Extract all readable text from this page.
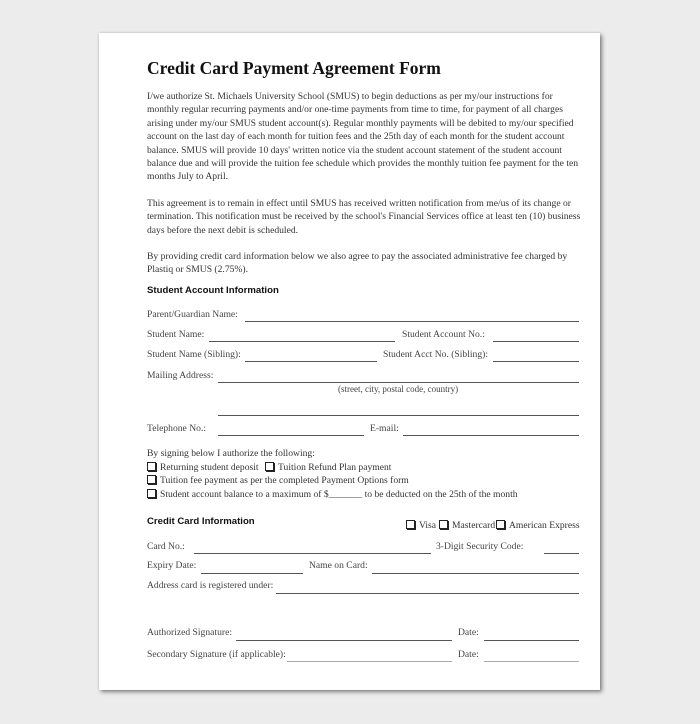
Credit Card Payment Agreement Form
I/we authorize St. Michaels University School (SMUS) to begin deductions as per my/our instructions for monthly regular recurring payments and/or one-time payments from time to time, for payment of all charges arising under my/our SMUS student account(s). Regular monthly payments will be debited to my/our specified account on the last day of each month for tuition fees and the 25th day of each month for the student account balance. SMUS will provide 10 days' written notice via the student account statement of the student account balance due and will provide the tuition fee schedule which provides the monthly tuition fee payment for the ten months July to April.
This agreement is to remain in effect until SMUS has received written notification from me/us of its change or termination. This notification must be received by the school's Financial Services office at least ten (10) business days before the next debit is scheduled.
By providing credit card information below we also agree to pay the associated administrative fee charged by Plastiq or SMUS (2.75%).
Student Account Information
Parent/Guardian Name:
Student Name:	Student Account No.:
Student Name (Sibling):	Student Acct No. (Sibling):
Mailing Address:
(street, city, postal code, country)
Telephone No.:	E-mail:
By signing below I authorize the following:
Returning student deposit	Tuition Refund Plan payment
Tuition fee payment as per the completed Payment Options form
Student account balance to a maximum of $_______ to be deducted on the 25th of the month
Credit Card Information	Visa	Mastercard	American Express
Card No.:	3-Digit Security Code:
Expiry Date:	Name on Card:
Address card is registered under:
Authorized Signature:	Date:
Secondary Signature (if applicable):	Date:
